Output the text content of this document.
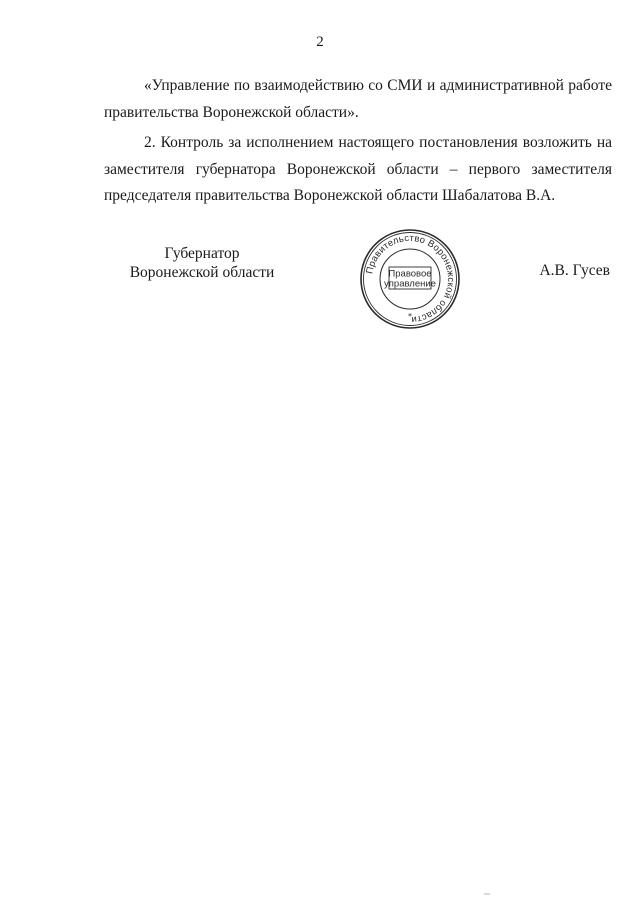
2

«Управление по взаимодействию со СМИ и административной работе правительства Воронежской области».

2. Контроль за исполнением настоящего постановления возложить на заместителя губернатора Воронежской области – первого заместителя председателя правительства Воронежской области Шабалатова В.А.

Губернатор
Воронежской области	Правительство Воронежской области
Правовое
управление
*
А.В. Гусев
